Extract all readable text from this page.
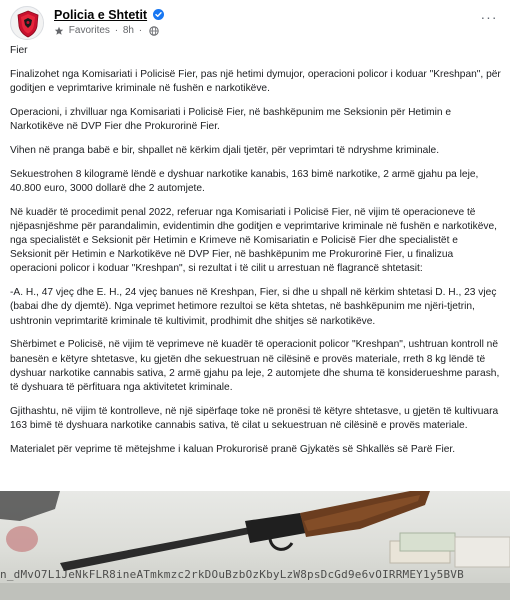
Policia e Shtetit
Favorites · 8h ·
···

Fier

Finalizohet nga Komisariati i Policisë Fier, pas një hetimi dymujor, operacioni policor i koduar "Kreshpan", për goditjen e veprimtarive kriminale në fushën e narkotikëve.

Operacioni, i zhvilluar nga Komisariati i Policisë Fier, në bashkëpunim me Seksionin për Hetimin e Narkotikëve në DVP Fier dhe Prokurorinë Fier.

Vihen në pranga babë e bir, shpallet në kërkim djali tjetër, për veprimtari të ndryshme kriminale.

Sekuestrohen 8 kilogramë lëndë e dyshuar narkotike kanabis, 163 bimë narkotike, 2 armë gjahu pa leje, 40.800 euro, 3000 dollarë dhe 2 automjete.

Në kuadër të procedimit penal 2022, referuar nga Komisariati i Policisë Fier, në vijim të operacioneve të njëpasnjëshme për parandalimin, evidentimin dhe goditjen e veprimtarive kriminale në fushën e narkotikëve, nga specialistët e Seksionit për Hetimin e Krimeve në Komisariatin e Policisë Fier dhe specialistët e Seksionit për Hetimin e Narkotikëve në DVP Fier, në bashkëpunim me Prokurorinë Fier, u finalizua operacioni policor i koduar "Kreshpan", si rezultat i të cilit u arrestuan në flagrancë shtetasit:

-A. H., 47 vjeç dhe E. H., 24 vjeç banues në Kreshpan, Fier, si dhe u shpall në kërkim shtetasi D. H., 23 vjeç (babai dhe dy djemtë). Nga veprimet hetimore rezultoi se këta shtetas, në bashkëpunim me njëri-tjetrin, ushtronin veprimtaritë kriminale të kultivimit, prodhimit dhe shitjes së narkotikëve.

Shërbimet e Policisë, në vijim të veprimeve në kuadër të operacionit policor "Kreshpan", ushtruan kontroll në banesën e këtyre shtetasve, ku gjetën dhe sekuestruan në cilësinë e provës materiale, rreth 8 kg lëndë të dyshuar narkotike cannabis sativa, 2 armë gjahu pa leje, 2 automjete dhe shuma të konsiderueshme parash, të dyshuara të përfituara nga aktivitetet kriminale.

Gjithashtu, në vijim të kontrolleve, në një sipërfaqe toke në pronësi të këtyre shtetasve, u gjetën të kultivuara 163 bimë të dyshuara narkotike cannabis sativa, të cilat u sekuestruan në cilësinë e provës materiale.

Materialet për veprime të mëtejshme i kaluan Prokurorisë pranë Gjykatës së Shkallës së Parë Fier.

n_dMvO7L1JeNkFLR8ineATmkmzc2rkDOuBzbOzKbyLzW8psDcGd9e6vOIRRMEY1y5BVB
